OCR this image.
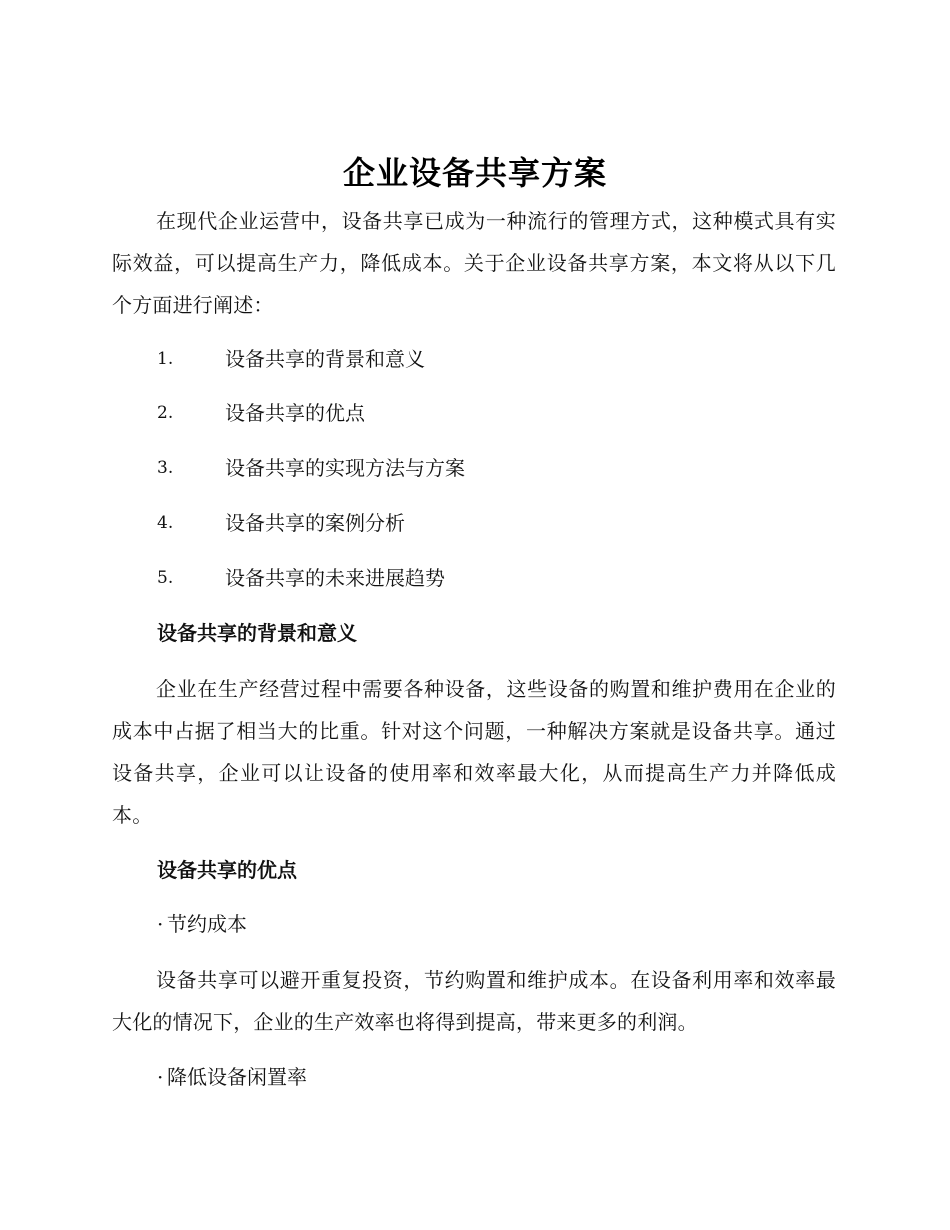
企业设备共享方案
在现代企业运营中，设备共享已成为一种流行的管理方式，这种模式具有实际效益，可以提高生产力，降低成本。关于企业设备共享方案，本文将从以下几个方面进行阐述：
1.	设备共享的背景和意义
2.	设备共享的优点
3.	设备共享的实现方法与方案
4.	设备共享的案例分析
5.	设备共享的未来进展趋势
设备共享的背景和意义
企业在生产经营过程中需要各种设备，这些设备的购置和维护费用在企业的成本中占据了相当大的比重。针对这个问题，一种解决方案就是设备共享。通过设备共享，企业可以让设备的使用率和效率最大化，从而提高生产力并降低成本。
设备共享的优点
· 节约成本
设备共享可以避开重复投资，节约购置和维护成本。在设备利用率和效率最大化的情况下，企业的生产效率也将得到提高，带来更多的利润。
· 降低设备闲置率
